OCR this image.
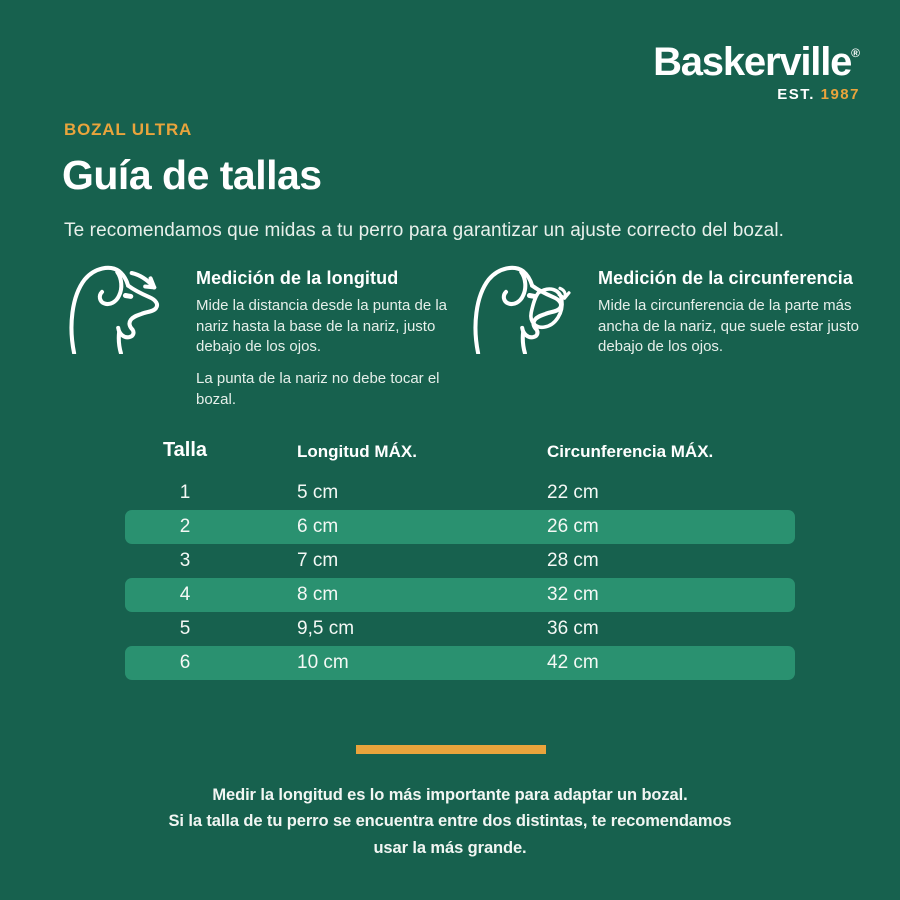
Baskerville®
EST. 1987
BOZAL ULTRA
Guía de tallas
Te recomendamos que midas a tu perro para garantizar un ajuste correcto del bozal.
Medición de la longitud
Mide la distancia desde la punta de la nariz hasta la base de la nariz, justo debajo de los ojos.
La punta de la nariz no debe tocar el bozal.
Medición de la circunferencia
Mide la circunferencia de la parte más ancha de la nariz, que suele estar justo debajo de los ojos.
Talla	Longitud MÁX.	Circunferencia MÁX.
1	5 cm	22 cm
2	6 cm	26 cm
3	7 cm	28 cm
4	8 cm	32 cm
5	9,5 cm	36 cm
6	10 cm	42 cm
Medir la longitud es lo más importante para adaptar un bozal.
Si la talla de tu perro se encuentra entre dos distintas, te recomendamos
usar la más grande.
